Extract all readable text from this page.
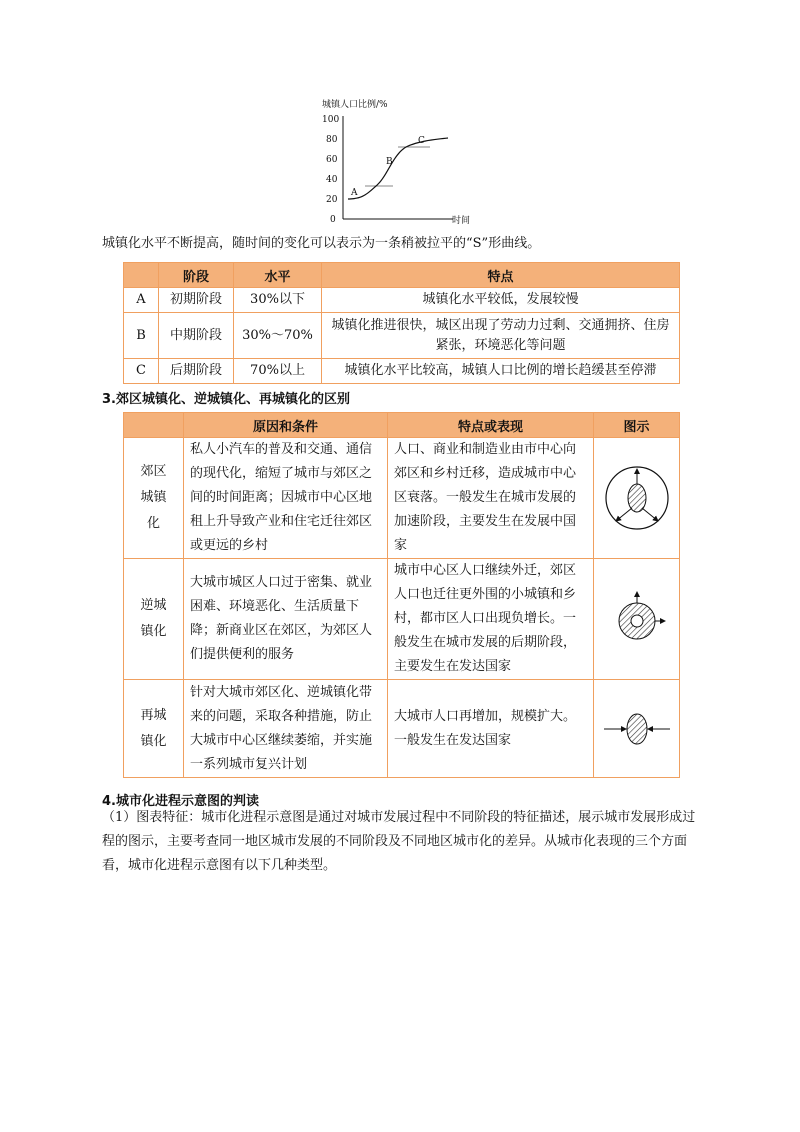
城镇人口比例/%
100
80
60
40
20
0
A
B
C
时间
城镇化水平不断提高，随时间的变化可以表示为一条稍被拉平的“S”形曲线。
	阶段	水平	特点
A	初期阶段	30%以下	城镇化水平较低，发展较慢
B	中期阶段	30%～70%	城镇化推进很快，城区出现了劳动力过剩、交通拥挤、住房紧张，环境恶化等问题
C	后期阶段	70%以上	城镇化水平比较高，城镇人口比例的增长趋缓甚至停滞
3.郊区城镇化、逆城镇化、再城镇化的区别
	原因和条件	特点或表现	图示
郊区城镇化	私人小汽车的普及和交通、通信的现代化，缩短了城市与郊区之间的时间距离；因城市中心区地租上升导致产业和住宅迁往郊区或更远的乡村	人口、商业和制造业由市中心向郊区和乡村迁移，造成城市中心区衰落。一般发生在城市发展的加速阶段，主要发生在发展中国家	

逆城镇化	大城市城区人口过于密集、就业困难、环境恶化、生活质量下降；新商业区在郊区，为郊区人们提供便利的服务	城市中心区人口继续外迁，郊区人口也迁往更外围的小城镇和乡村，都市区人口出现负增长。一般发生在城市发展的后期阶段，主要发生在发达国家	

再城镇化	针对大城市郊区化、逆城镇化带来的问题，采取各种措施，防止大城市中心区继续萎缩，并实施一系列城市复兴计划	大城市人口再增加，规模扩大。一般发生在发达国家	
4.城市化进程示意图的判读
（1）图表特征：城市化进程示意图是通过对城市发展过程中不同阶段的特征描述，展示城市发展形成过程的图示，主要考查同一地区城市发展的不同阶段及不同地区城市化的差异。从城市化表现的三个方面看，城市化进程示意图有以下几种类型。
